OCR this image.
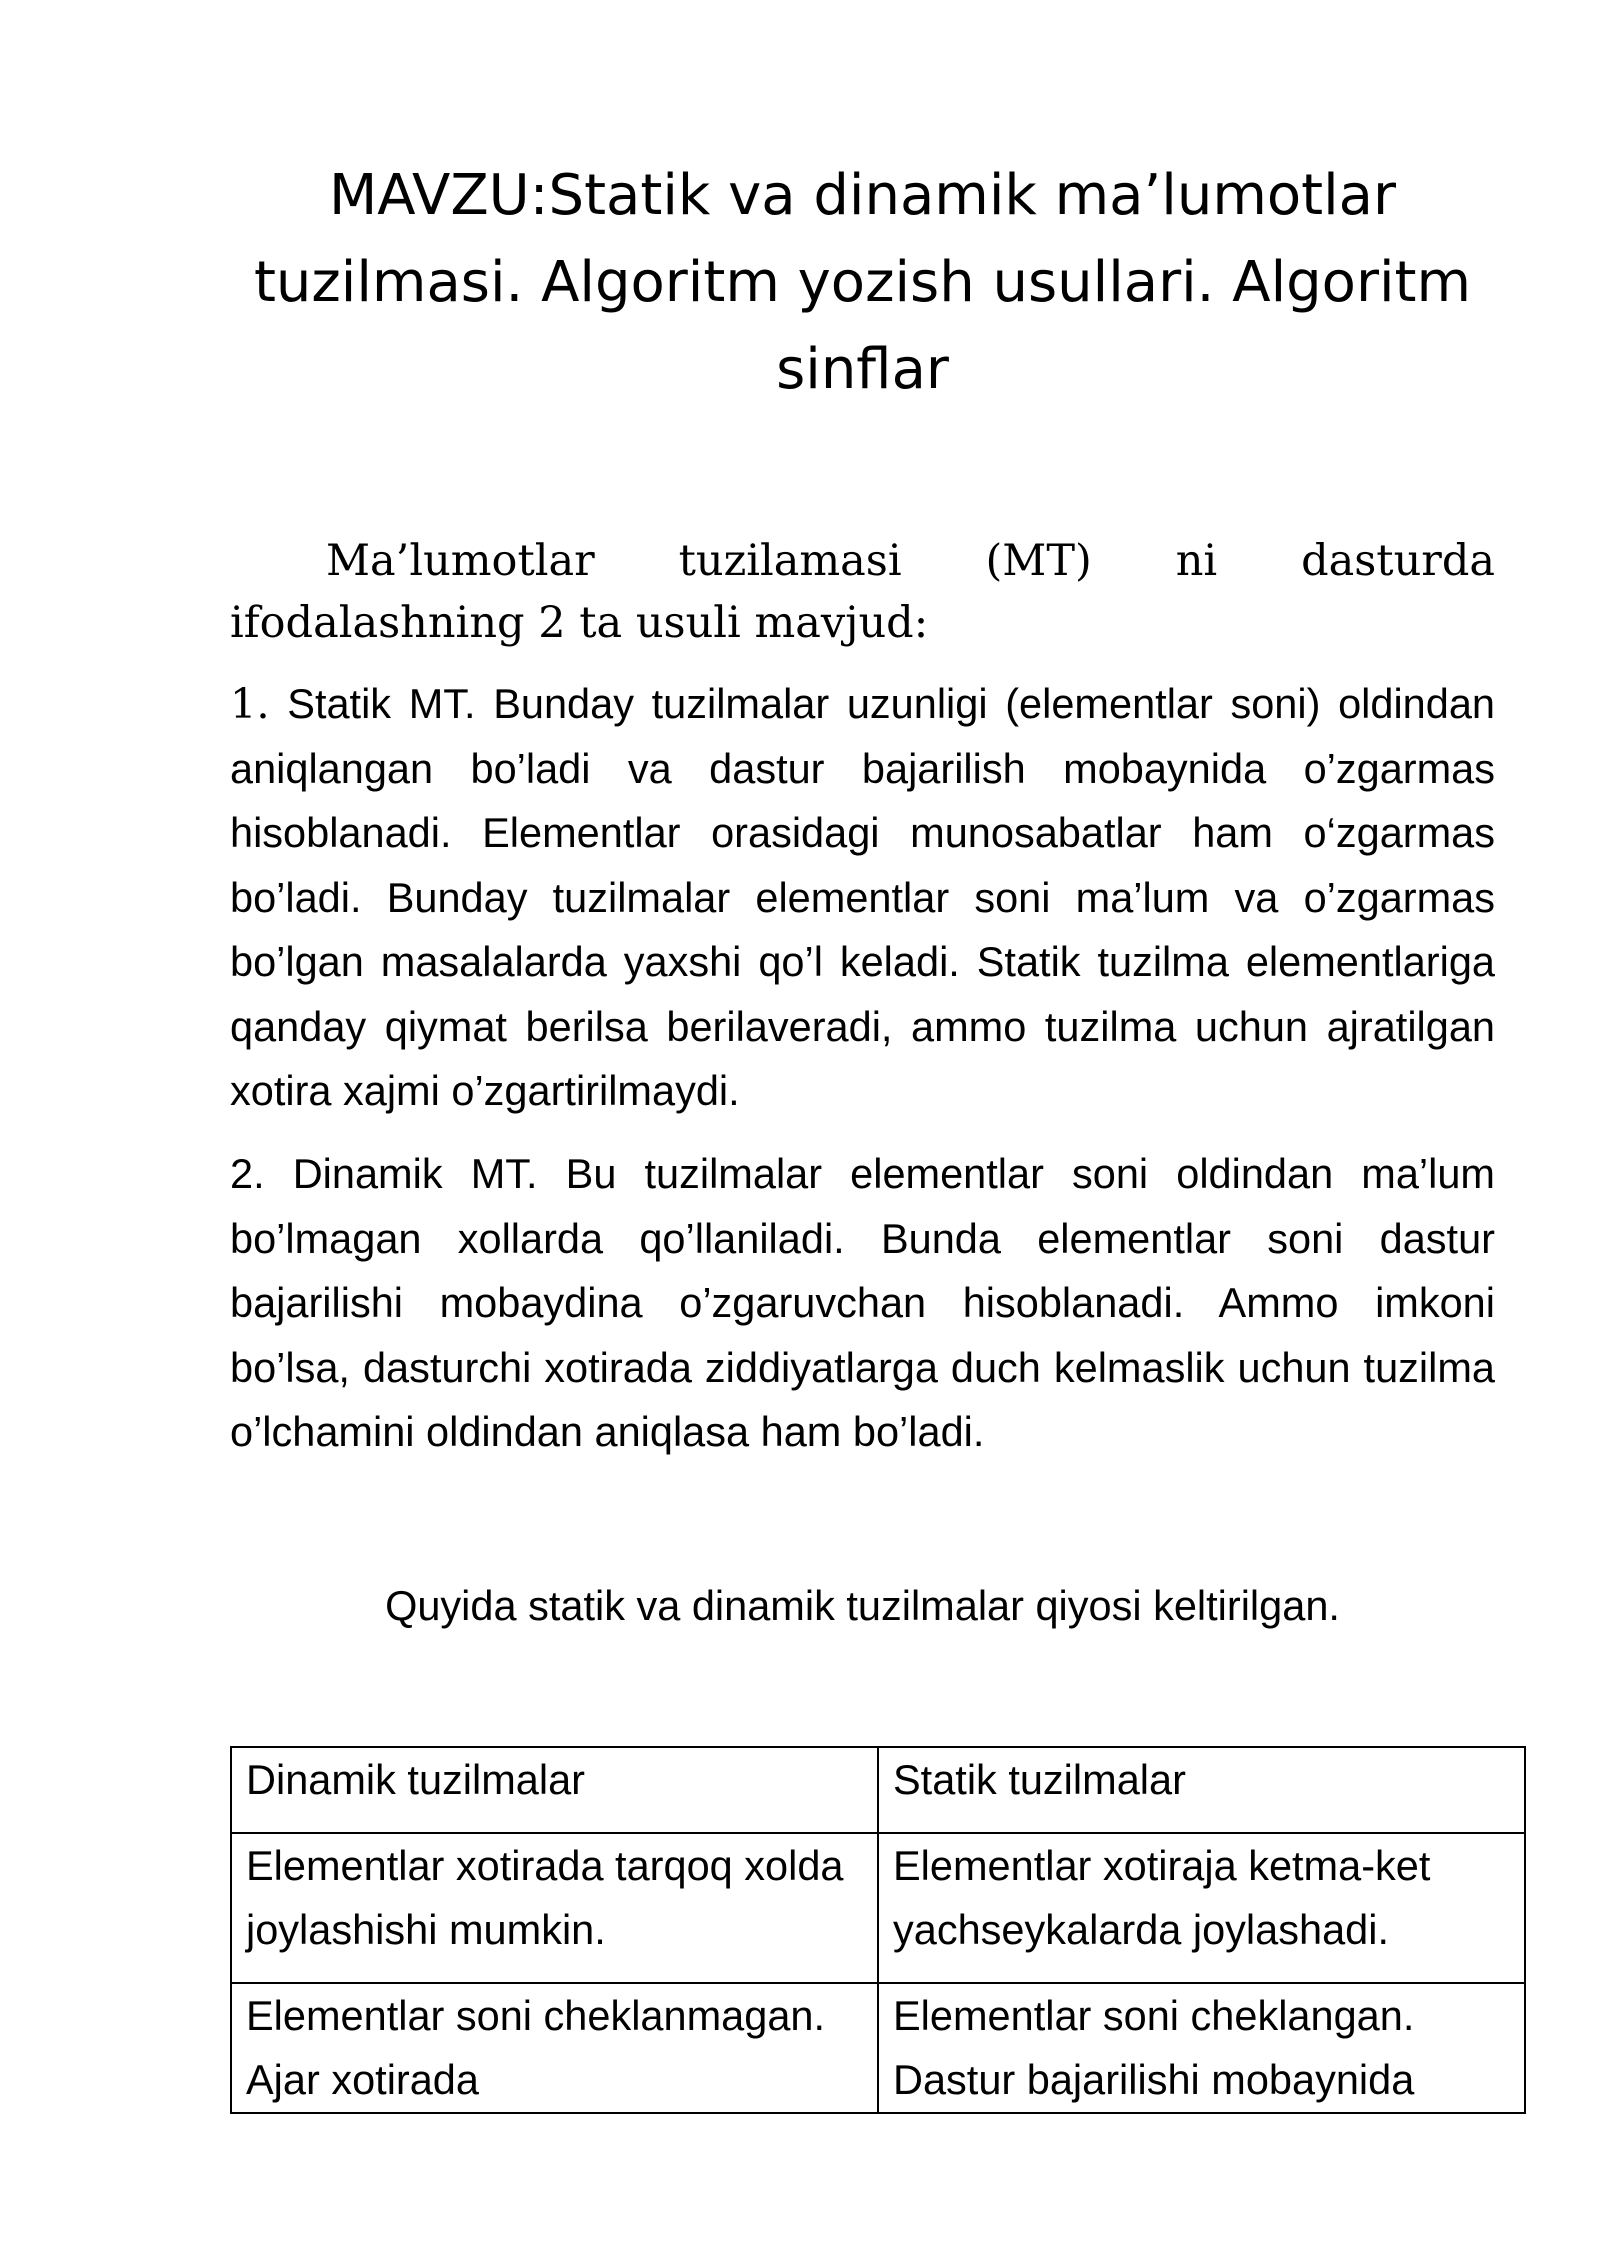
MAVZU:Statik va dinamik ma’lumotlar tuzilmasi. Algoritm yozish usullari. Algoritm sinflar

Ma’lumotlar tuzilamasi (MT) ni dasturda ifodalashning 2 ta usuli mavjud:

1. Statik MT. Bunday tuzilmalar uzunligi (elementlar soni) oldindan aniqlangan bo’ladi va dastur bajarilish mobaynida o’zgarmas hisoblanadi. Elementlar orasidagi munosabatlar ham o‘zgarmas bo’ladi. Bunday tuzilmalar elementlar soni ma’lum va o’zgarmas bo’lgan masalalarda yaxshi qo’l keladi. Statik tuzilma elementlariga qanday qiymat berilsa berilaveradi, ammo tuzilma uchun ajratilgan xotira xajmi o’zgartirilmaydi.

2. Dinamik MT. Bu tuzilmalar elementlar soni oldindan ma’lum bo’lmagan xollarda qo’llaniladi. Bunda elementlar soni dastur bajarilishi mobaydina o’zgaruvchan hisoblanadi. Ammo imkoni bo’lsa, dasturchi xotirada ziddiyatlarga duch kelmaslik uchun tuzilma o’lchamini oldindan aniqlasa ham bo’ladi.

Quyida statik va dinamik tuzilmalar qiyosi keltirilgan.

Dinamik tuzilmalar	Statik tuzilmalar

Elementlar xotirada tarqoq xolda joylashishi mumkin.	Elementlar xotiraja ketma-ket yachseykalarda joylashadi.

Elementlar soni cheklanmagan. Ajar xotirada	Elementlar soni cheklangan. Dastur bajarilishi mobaynida
